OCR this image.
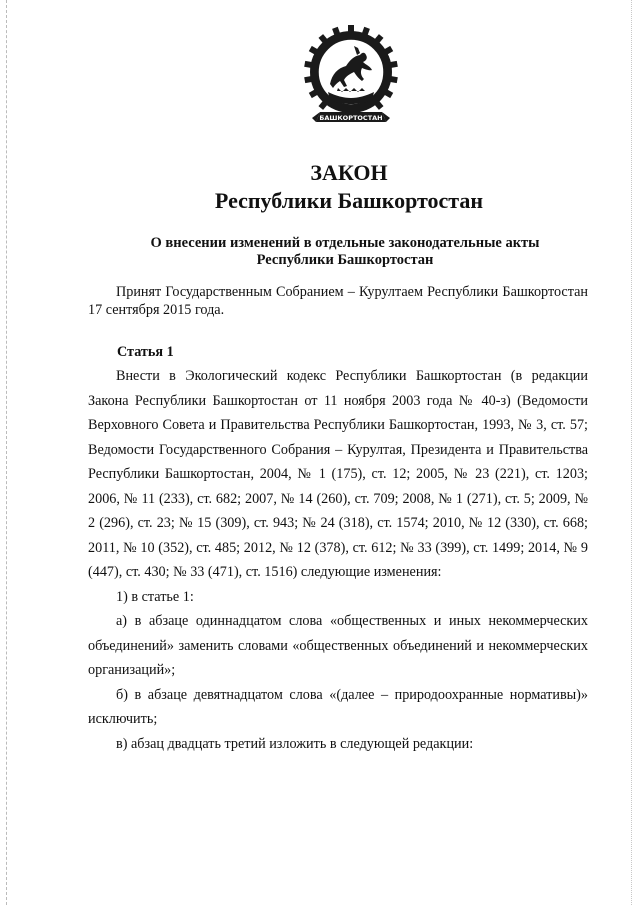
БАШКОРТОСТАН
ЗАКОН
Республики Башкортостан
О внесении изменений в отдельные законодательные акты
Республики Башкортостан

Принят Государственным Собранием – Курултаем Республики Башкортостан 17 сентября 2015 года.

Статья 1

Внести в Экологический кодекс Республики Башкортостан (в редакции Закона Республики Башкортостан от 11 ноября 2003 года № 40-з) (Ведомости Верховного Совета и Правительства Республики Башкортостан, 1993, № 3, ст. 57; Ведомости Государственного Собрания – Курултая, Президента и Правительства Республики Башкортостан, 2004, № 1 (175), ст. 12; 2005, № 23 (221), ст. 1203; 2006, № 11 (233), ст. 682; 2007, № 14 (260), ст. 709; 2008, № 1 (271), ст. 5; 2009, № 2 (296), ст. 23; № 15 (309), ст. 943; № 24 (318), ст. 1574; 2010, № 12 (330), ст. 668; 2011, № 10 (352), ст. 485; 2012, № 12 (378), ст. 612; № 33 (399), ст. 1499; 2014, № 9 (447), ст. 430; № 33 (471), ст. 1516) следующие изменения:

1) в статье 1:

а) в абзаце одиннадцатом слова «общественных и иных некоммерческих объединений» заменить словами «общественных объединений и некоммерческих организаций»;

б) в абзаце девятнадцатом слова «(далее – природоохранные нормативы)» исключить;

в) абзац двадцать третий изложить в следующей редакции:
